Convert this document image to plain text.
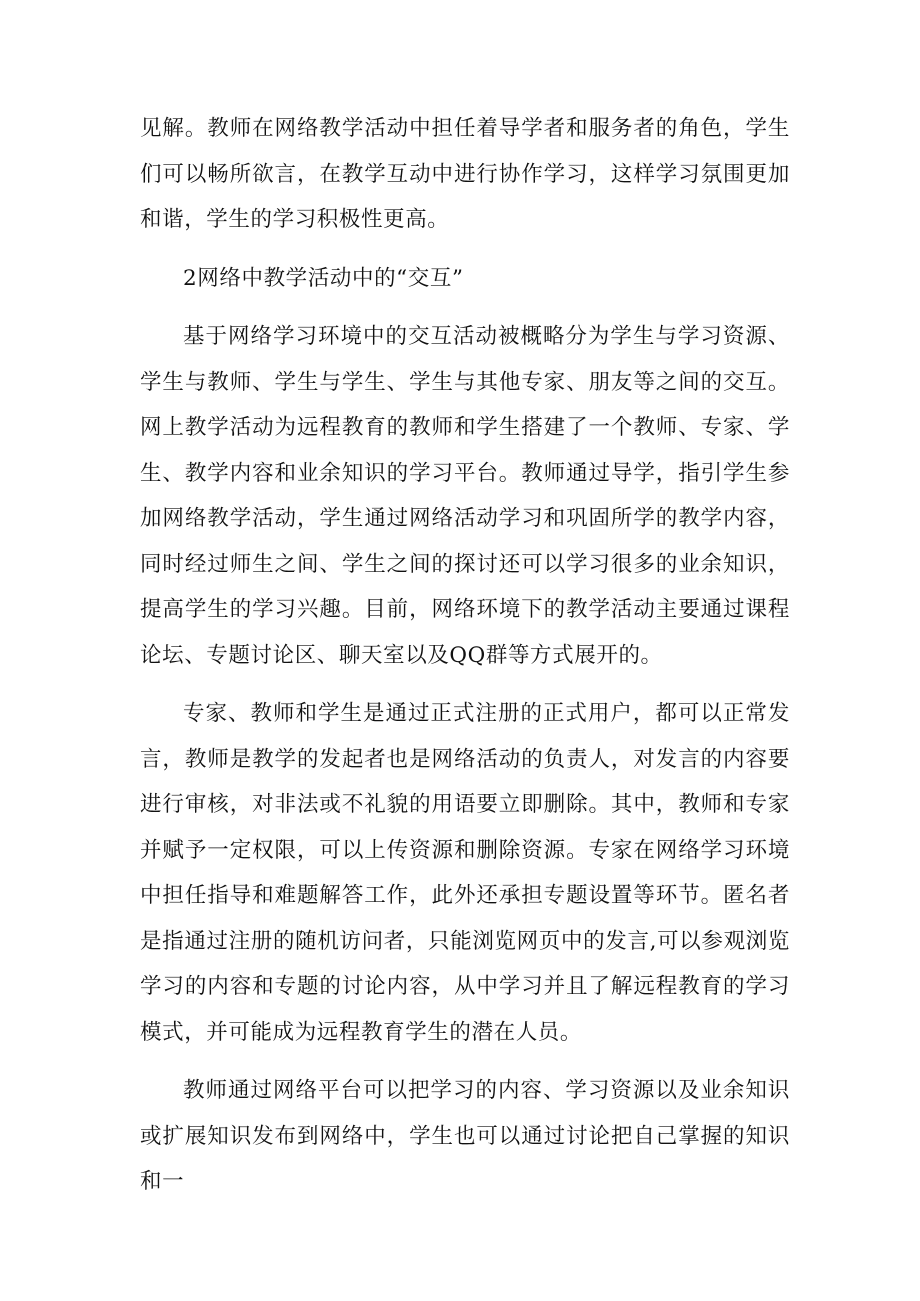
见解。教师在网络教学活动中担任着导学者和服务者的角色，学生们可以畅所欲言，在教学互动中进行协作学习，这样学习氛围更加和谐，学生的学习积极性更高。

2网络中教学活动中的“交互”

基于网络学习环境中的交互活动被概略分为学生与学习资源、学生与教师、学生与学生、学生与其他专家、朋友等之间的交互。网上教学活动为远程教育的教师和学生搭建了一个教师、专家、学生、教学内容和业余知识的学习平台。教师通过导学，指引学生参加网络教学活动，学生通过网络活动学习和巩固所学的教学内容，同时经过师生之间、学生之间的探讨还可以学习很多的业余知识，提高学生的学习兴趣。目前，网络环境下的教学活动主要通过课程论坛、专题讨论区、聊天室以及QQ群等方式展开的。

专家、教师和学生是通过正式注册的正式用户，都可以正常发言，教师是教学的发起者也是网络活动的负责人，对发言的内容要进行审核，对非法或不礼貌的用语要立即删除。其中，教师和专家并赋予一定权限，可以上传资源和删除资源。专家在网络学习环境中担任指导和难题解答工作，此外还承担专题设置等环节。匿名者是指通过注册的随机访问者，只能浏览网页中的发言,可以参观浏览学习的内容和专题的讨论内容，从中学习并且了解远程教育的学习模式，并可能成为远程教育学生的潜在人员。

教师通过网络平台可以把学习的内容、学习资源以及业余知识或扩展知识发布到网络中，学生也可以通过讨论把自己掌握的知识和一
